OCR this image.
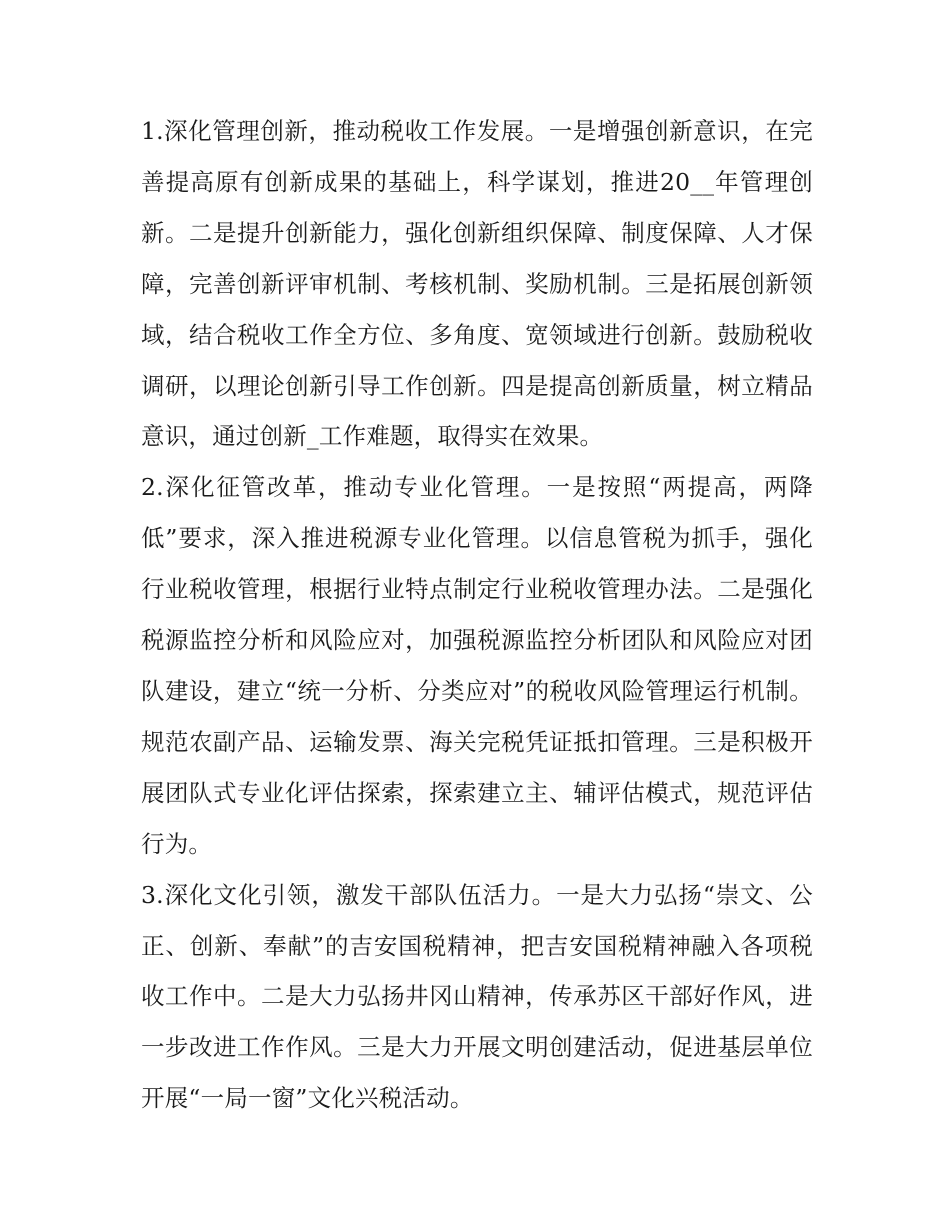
1.深化管理创新，推动税收工作发展。一是增强创新意识，在完善提高原有创新成果的基础上，科学谋划，推进20__年管理创新。二是提升创新能力，强化创新组织保障、制度保障、人才保障，完善创新评审机制、考核机制、奖励机制。三是拓展创新领域，结合税收工作全方位、多角度、宽领域进行创新。鼓励税收调研，以理论创新引导工作创新。四是提高创新质量，树立精品意识，通过创新_工作难题，取得实在效果。

2.深化征管改革，推动专业化管理。一是按照“两提高，两降低”要求，深入推进税源专业化管理。以信息管税为抓手，强化行业税收管理，根据行业特点制定行业税收管理办法。二是强化税源监控分析和风险应对，加强税源监控分析团队和风险应对团队建设，建立“统一分析、分类应对”的税收风险管理运行机制。规范农副产品、运输发票、海关完税凭证抵扣管理。三是积极开展团队式专业化评估探索，探索建立主、辅评估模式，规范评估行为。

3.深化文化引领，激发干部队伍活力。一是大力弘扬“崇文、公正、创新、奉献”的吉安国税精神，把吉安国税精神融入各项税收工作中。二是大力弘扬井冈山精神，传承苏区干部好作风，进一步改进工作作风。三是大力开展文明创建活动，促进基层单位开展“一局一窗”文化兴税活动。
